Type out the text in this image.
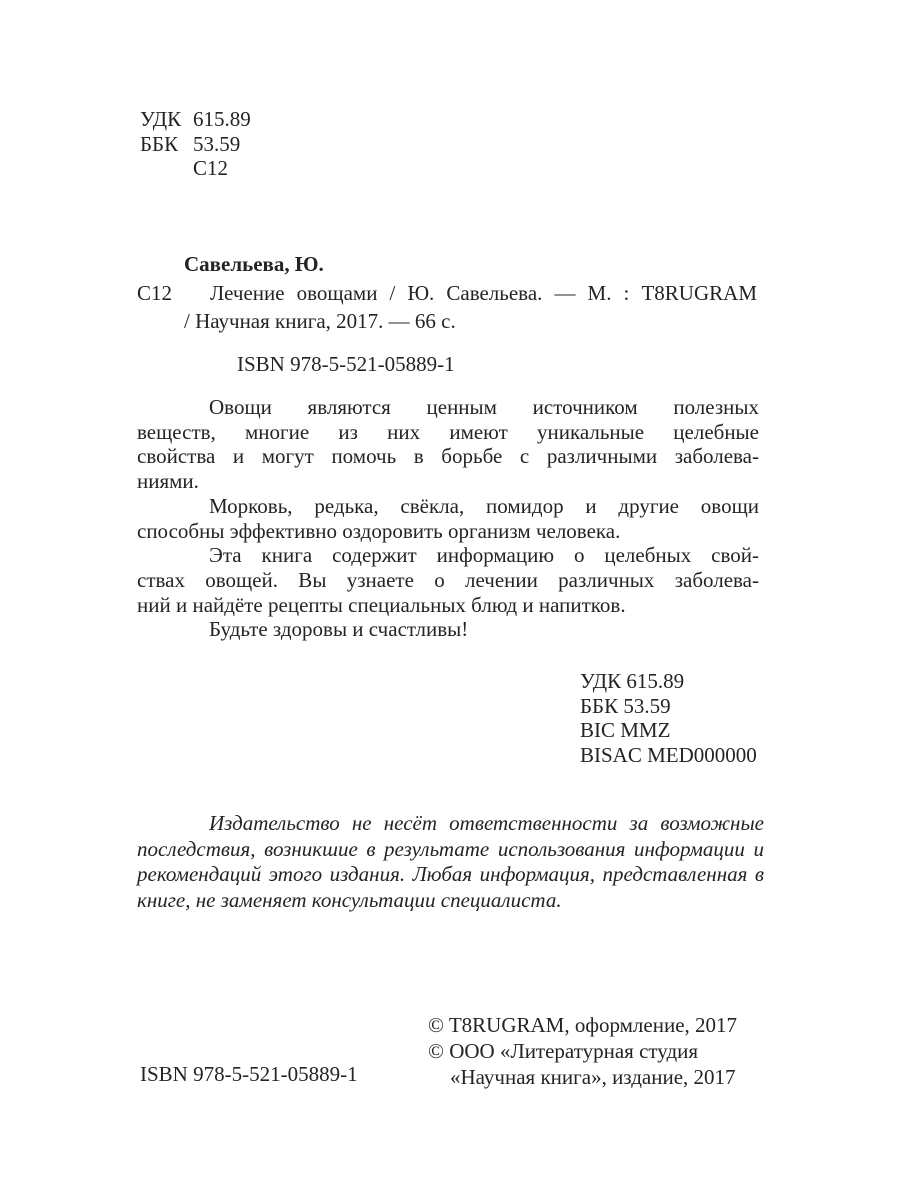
УДК 615.89
ББК 53.59
С12
Савельева, Ю.
С12	Лечение овощами / Ю. Савельева. — М. : T8RUGRAM
/ Научная книга, 2017. — 66 с.
ISBN 978-5-521-05889-1
Овощи являются ценным источником полезных
веществ, многие из них имеют уникальные целебные
свойства и могут помочь в борьбе с различными заболева-
ниями.
Морковь, редька, свёкла, помидор и другие овощи
способны эффективно оздоровить организм человека.
Эта книга содержит информацию о целебных свой-
ствах овощей. Вы узнаете о лечении различных заболева-
ний и найдёте рецепты специальных блюд и напитков.
Будьте здоровы и счастливы!
УДК 615.89
ББК 53.59
BIC MMZ
BISAC MED000000
Издательство не несёт ответственности за возможные
последствия, возникшие в результате использования информации и
рекомендаций этого издания. Любая информация, представленная в
книге, не заменяет консультации специалиста.
ISBN 978-5-521-05889-1
© T8RUGRAM, оформление, 2017
© ООО «Литературная студия
«Научная книга», издание, 2017
